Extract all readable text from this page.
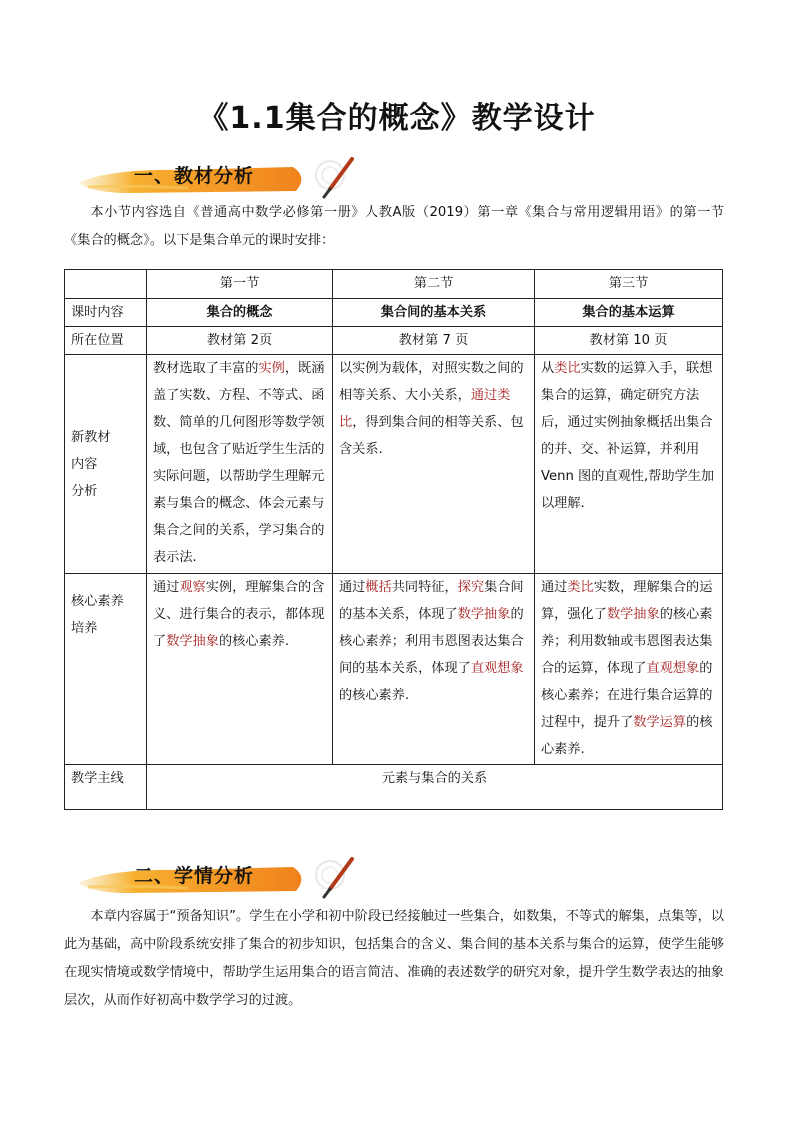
《1.1集合的概念》教学设计
一、教材分析

本小节内容选自《普通高中数学必修第一册》人教A版（2019）第一章《集合与常用逻辑用语》的第一节《集合的概念》。以下是集合单元的课时安排：

	第一节	第二节	第三节
课时内容	集合的概念	集合间的基本关系	集合的基本运算
所在位置	教材第 2页	教材第 7 页	教材第 10 页

新教材
内容
分析	教材选取了丰富的实例，既涵盖了实数、方程、不等式、函数、简单的几何图形等数学领域，也包含了贴近学生生活的实际问题，以帮助学生理解元素与集合的概念、体会元素与集合之间的关系，学习集合的表示法.	以实例为载体，对照实数之间的相等关系、大小关系，通过类比，得到集合间的相等关系、包含关系.	从类比实数的运算入手，联想集合的运算，确定研究方法后，通过实例抽象概括出集合的并、交、补运算，并利用 Venn 图的直观性,帮助学生加以理解.

核心素养
培养	通过观察实例，理解集合的含义、进行集合的表示，都体现了数学抽象的核心素养.	通过概括共同特征，探究集合间的基本关系，体现了数学抽象的核心素养；利用韦恩图表达集合间的基本关系，体现了直观想象的核心素养.	通过类比实数，理解集合的运算，强化了数学抽象的核心素养；利用数轴或韦恩图表达集合的运算，体现了直观想象的核心素养；在进行集合运算的过程中，提升了数学运算的核心素养.
教学主线	元素与集合的关系		
二、学情分析

本章内容属于“预备知识”。学生在小学和初中阶段已经接触过一些集合，如数集，不等式的解集，点集等，以此为基础，高中阶段系统安排了集合的初步知识，包括集合的含义、集合间的基本关系与集合的运算，使学生能够在现实情境或数学情境中，帮助学生运用集合的语言简洁、准确的表述数学的研究对象，提升学生数学表达的抽象层次，从而作好初高中数学学习的过渡。
